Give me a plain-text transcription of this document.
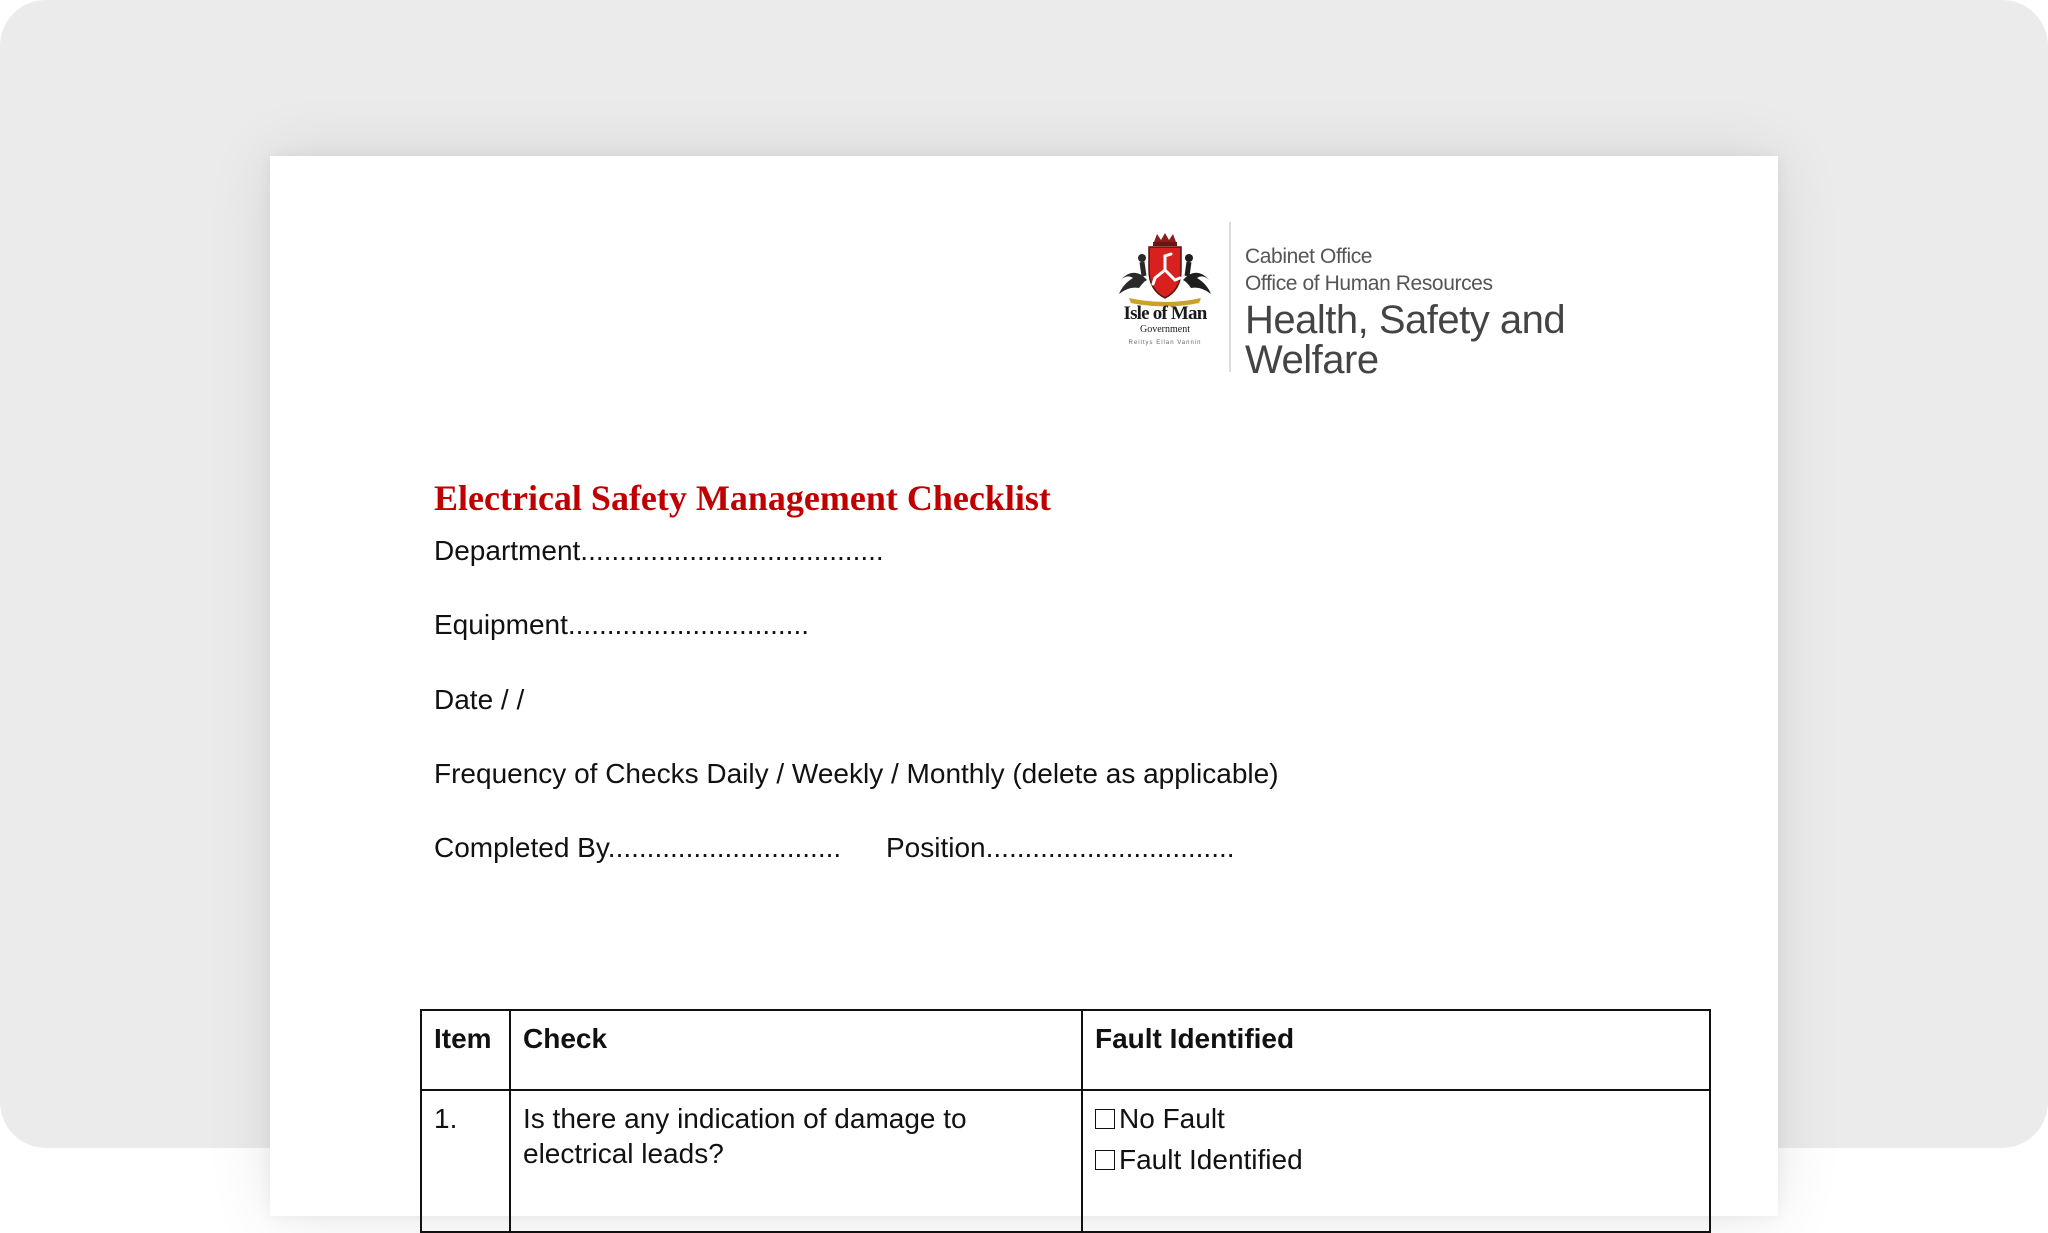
Isle of Man
Government
Reiltys Ellan Vannin
Cabinet Office
Office of Human Resources
Health, Safety and Welfare
Electrical Safety Management Checklist
Department.......................................
Equipment...............................
Date / /
Frequency of Checks Daily / Weekly / Monthly (delete as applicable)
Completed By.............................. Position................................
Item	Check	Fault Identified
1.	Is there any indication of damage to electrical leads?	No Fault
Fault Identified
